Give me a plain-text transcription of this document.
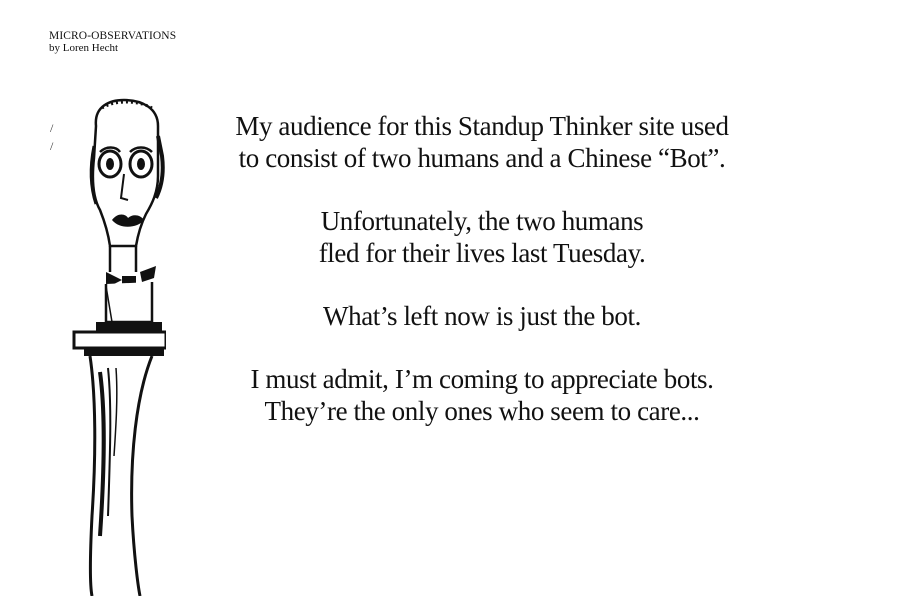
MICRO-OBSERVATIONS
by Loren Hecht
/
/

My audience for this Standup Thinker site used
to consist of two humans and a Chinese “Bot”.

Unfortunately, the two humans
fled for their lives last Tuesday.

What’s left now is just the bot.

I must admit, I’m coming to appreciate bots.
They’re the only ones who seem to care...
